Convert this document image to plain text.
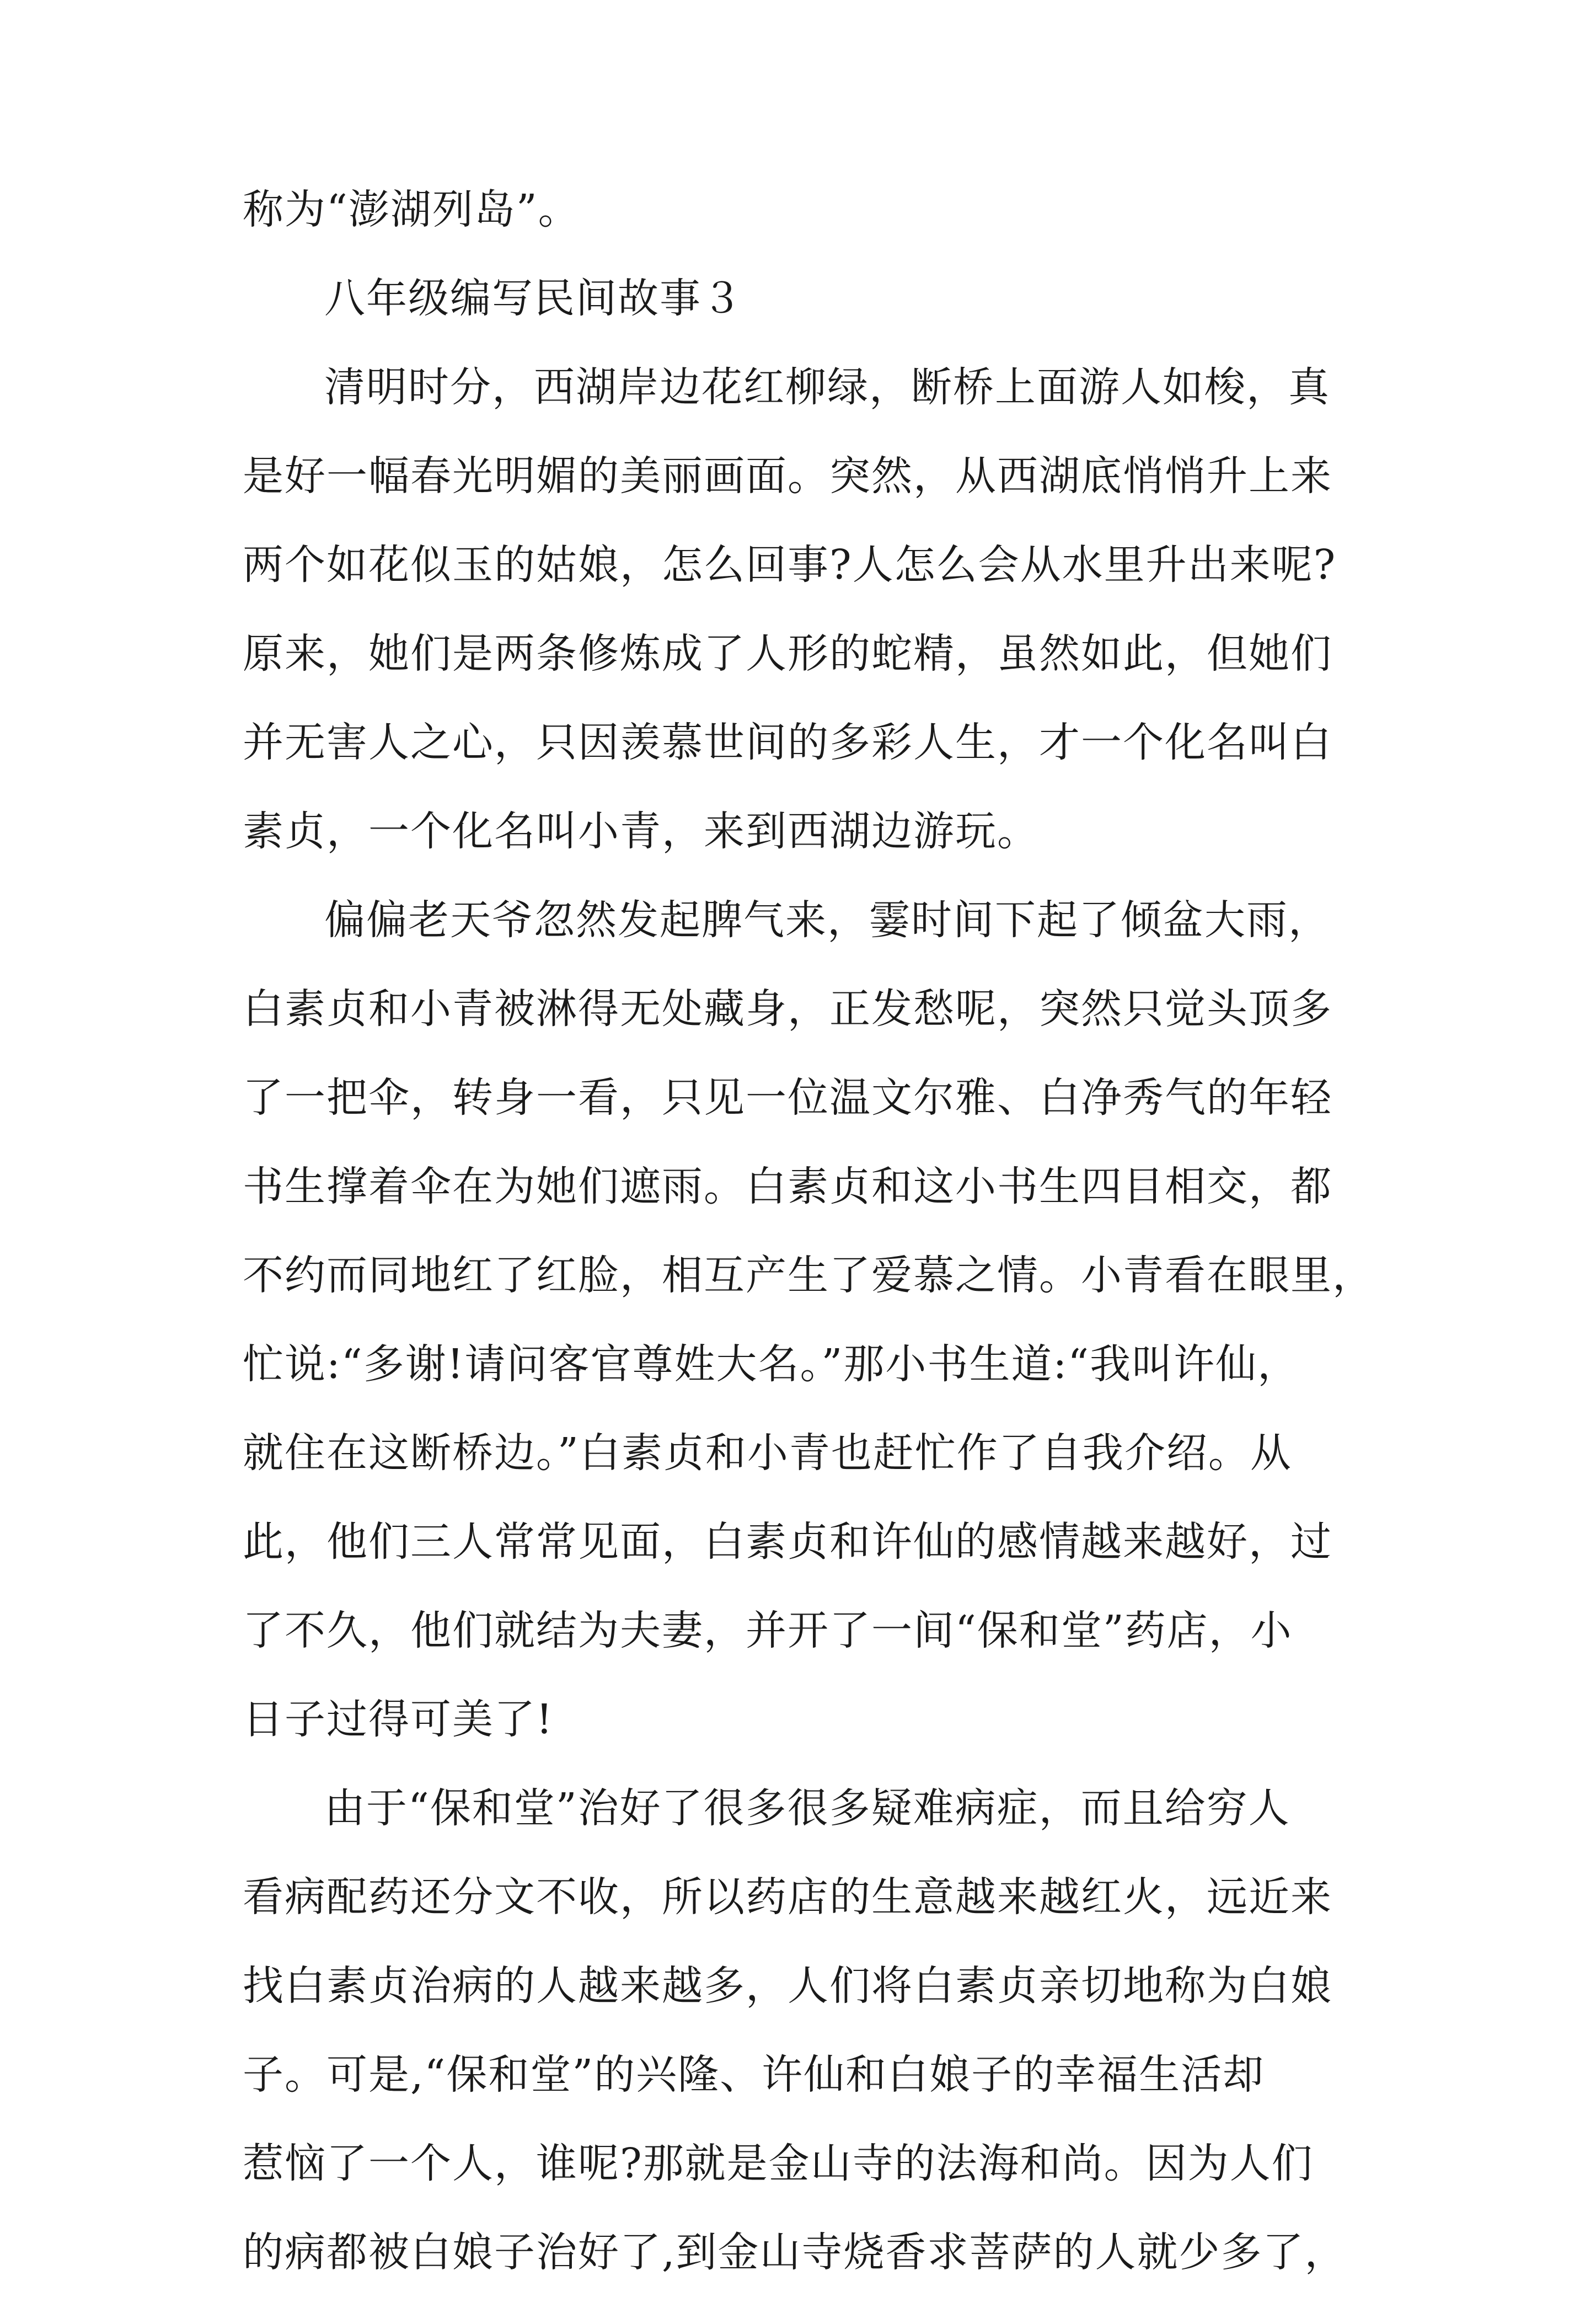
称为“澎湖列岛”。
八年级编写民间故事３
清明时分，西湖岸边花红柳绿，断桥上面游人如梭，真
是好一幅春光明媚的美丽画面。突然，从西湖底悄悄升上来
两个如花似玉的姑娘，怎么回事?人怎么会从水里升出来呢?
原来，她们是两条修炼成了人形的蛇精，虽然如此，但她们
并无害人之心，只因羡慕世间的多彩人生，才一个化名叫白
素贞，一个化名叫小青，来到西湖边游玩。
偏偏老天爷忽然发起脾气来，霎时间下起了倾盆大雨，
白素贞和小青被淋得无处藏身，正发愁呢，突然只觉头顶多
了一把伞，转身一看，只见一位温文尔雅、白净秀气的年轻
书生撑着伞在为她们遮雨。白素贞和这小书生四目相交，都
不约而同地红了红脸，相互产生了爱慕之情。小青看在眼里，
忙说:“多谢!请问客官尊姓大名。”那小书生道:“我叫许仙，
就住在这断桥边。”白素贞和小青也赶忙作了自我介绍。从
此，他们三人常常见面，白素贞和许仙的感情越来越好，过
了不久，他们就结为夫妻，并开了一间“保和堂”药店，小
日子过得可美了!
由于“保和堂”治好了很多很多疑难病症，而且给穷人
看病配药还分文不收，所以药店的生意越来越红火，远近来
找白素贞治病的人越来越多，人们将白素贞亲切地称为白娘
子。可是,“保和堂”的兴隆、许仙和白娘子的幸福生活却
惹恼了一个人，谁呢?那就是金山寺的法海和尚。因为人们
的病都被白娘子治好了,到金山寺烧香求菩萨的人就少多了，
